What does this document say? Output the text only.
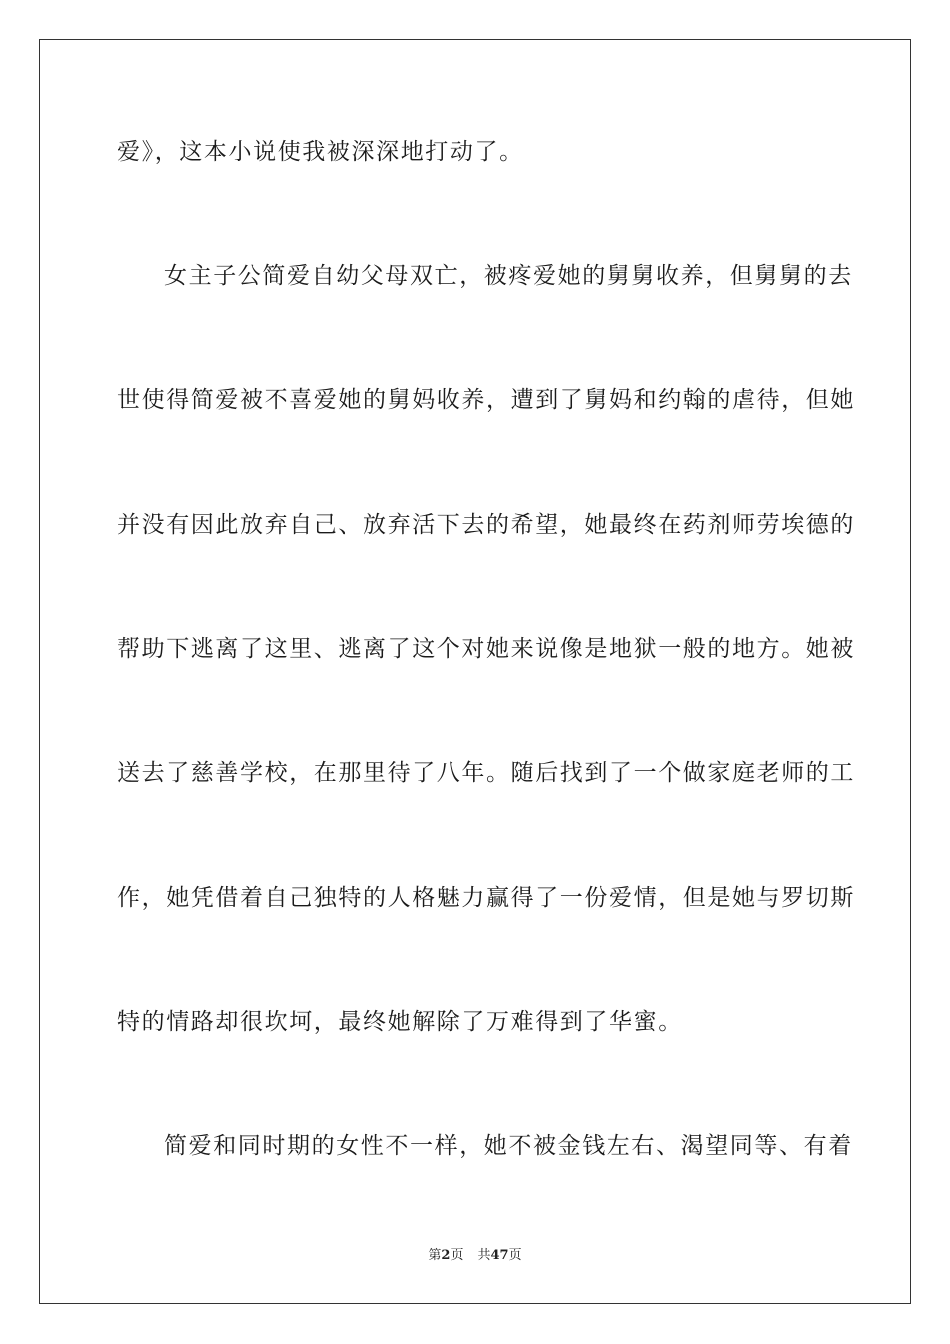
爱》，这本小说使我被深深地打动了。
女主子公简爱自幼父母双亡，被疼爱她的舅舅收养，但舅舅的去
世使得简爱被不喜爱她的舅妈收养，遭到了舅妈和约翰的虐待，但她
并没有因此放弃自己、放弃活下去的希望，她最终在药剂师劳埃德的
帮助下逃离了这里、逃离了这个对她来说像是地狱一般的地方。她被
送去了慈善学校，在那里待了八年。随后找到了一个做家庭老师的工
作，她凭借着自己独特的人格魅力赢得了一份爱情，但是她与罗切斯
特的情路却很坎坷，最终她解除了万难得到了华蜜。
简爱和同时期的女性不一样，她不被金钱左右、渴望同等、有着
第2页 共47页
